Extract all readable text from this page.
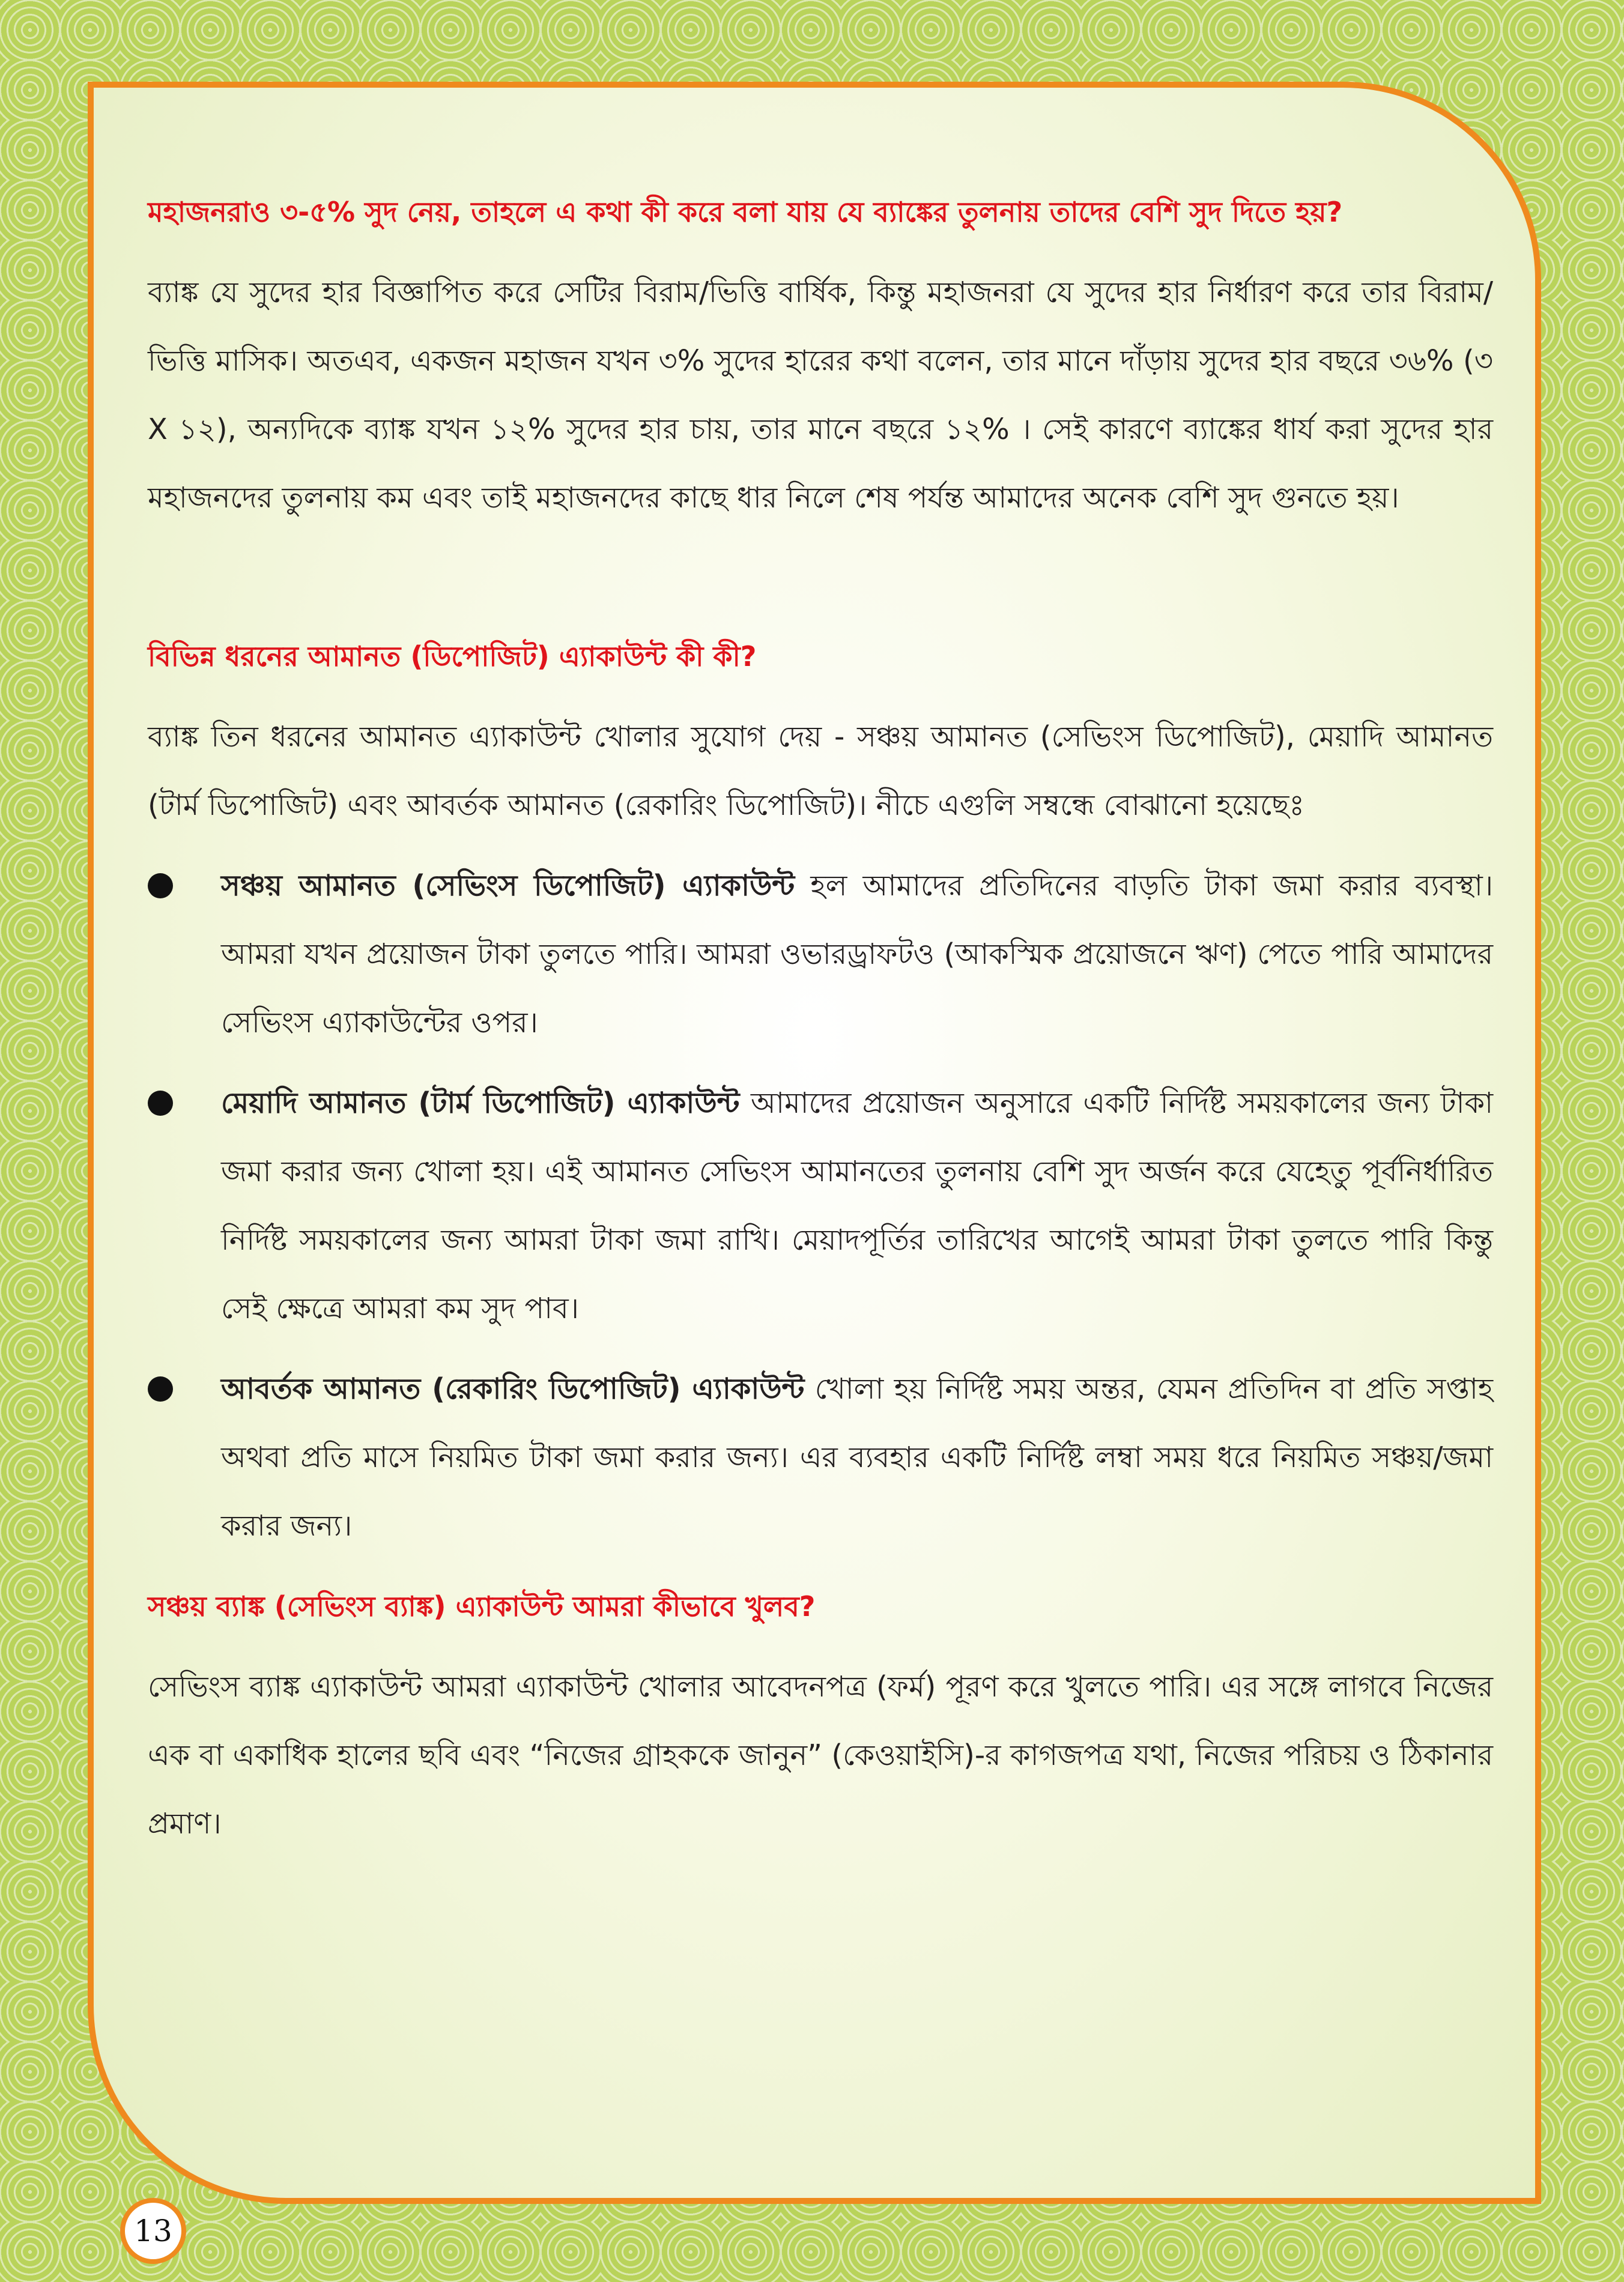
মহাজনরাও ৩-৫% সুদ নেয়, তাহলে এ কথা কী করে বলা যায় যে ব্যাঙ্কের তুলনায় তাদের বেশি সুদ দিতে হয়?

ব্যাঙ্ক যে সুদের হার বিজ্ঞাপিত করে সেটির বিরাম/ভিত্তি বার্ষিক, কিন্তু মহাজনরা যে সুদের হার নির্ধারণ করে তার বিরাম/ভিত্তি মাসিক। অতএব, একজন মহাজন যখন ৩% সুদের হারের কথা বলেন, তার মানে দাঁড়ায় সুদের হার বছরে ৩৬% (৩ X ১২), অন্যদিকে ব্যাঙ্ক যখন ১২% সুদের হার চায়, তার মানে বছরে ১২% । সেই কারণে ব্যাঙ্কের ধার্য করা সুদের হার মহাজনদের তুলনায় কম এবং তাই মহাজনদের কাছে ধার নিলে শেষ পর্যন্ত আমাদের অনেক বেশি সুদ গুনতে হয়।

বিভিন্ন ধরনের আমানত (ডিপোজিট) এ্যাকাউন্ট কী কী?

ব্যাঙ্ক তিন ধরনের আমানত এ্যাকাউন্ট খোলার সুযোগ দেয় - সঞ্চয় আমানত (সেভিংস ডিপোজিট), মেয়াদি আমানত (টার্ম ডিপোজিট) এবং আবর্তক আমানত (রেকারিং ডিপোজিট)। নীচে এগুলি সম্বন্ধে বোঝানো হয়েছেঃ

সঞ্চয় আমানত (সেভিংস ডিপোজিট) এ্যাকাউন্ট হল আমাদের প্রতিদিনের বাড়তি টাকা জমা করার ব্যবস্থা। আমরা যখন প্রয়োজন টাকা তুলতে পারি। আমরা ওভারড্রাফটও (আকস্মিক প্রয়োজনে ঋণ) পেতে পারি আমাদের সেভিংস এ্যাকাউন্টের ওপর।

মেয়াদি আমানত (টার্ম ডিপোজিট) এ্যাকাউন্ট আমাদের প্রয়োজন অনুসারে একটি নির্দিষ্ট সময়কালের জন্য টাকা জমা করার জন্য খোলা হয়। এই আমানত সেভিংস আমানতের তুলনায় বেশি সুদ অর্জন করে যেহেতু পূর্বনির্ধারিত নির্দিষ্ট সময়কালের জন্য আমরা টাকা জমা রাখি। মেয়াদপূর্তির তারিখের আগেই আমরা টাকা তুলতে পারি কিন্তু সেই ক্ষেত্রে আমরা কম সুদ পাব।

আবর্তক আমানত (রেকারিং ডিপোজিট) এ্যাকাউন্ট খোলা হয় নির্দিষ্ট সময় অন্তর, যেমন প্রতিদিন বা প্রতি সপ্তাহ অথবা প্রতি মাসে নিয়মিত টাকা জমা করার জন্য। এর ব্যবহার একটি নির্দিষ্ট লম্বা সময় ধরে নিয়মিত সঞ্চয়/জমা করার জন্য।

সঞ্চয় ব্যাঙ্ক (সেভিংস ব্যাঙ্ক) এ্যাকাউন্ট আমরা কীভাবে খুলব?

সেভিংস ব্যাঙ্ক এ্যাকাউন্ট আমরা এ্যাকাউন্ট খোলার আবেদনপত্র (ফর্ম) পূরণ করে খুলতে পারি। এর সঙ্গে লাগবে নিজের এক বা একাধিক হালের ছবি এবং “নিজের গ্রাহককে জানুন” (কেওয়াইসি)-র কাগজপত্র যথা, নিজের পরিচয় ও ঠিকানার প্রমাণ।

13
